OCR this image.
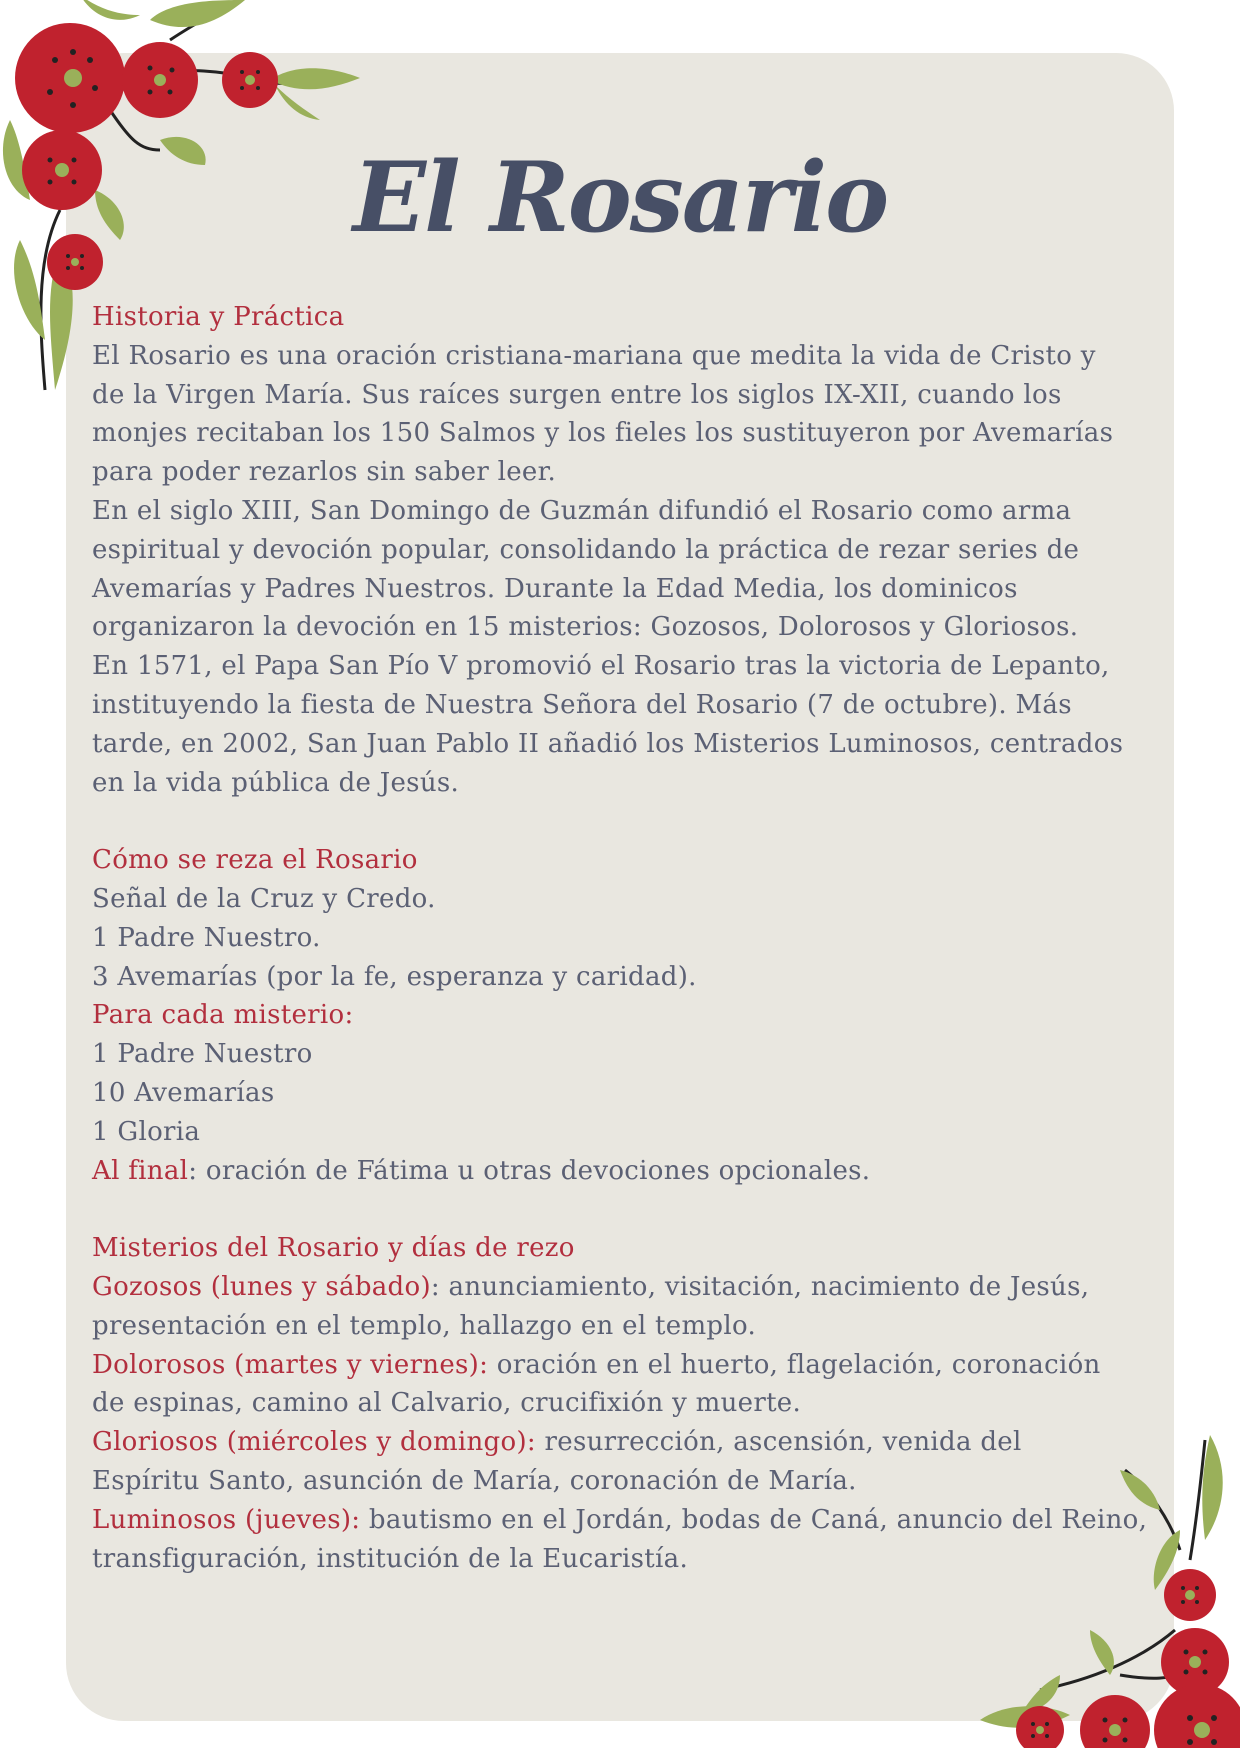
El Rosario

Historia y Práctica

El Rosario es una oración cristiana-mariana que medita la vida de Cristo y

de la Virgen María. Sus raíces surgen entre los siglos IX-XII, cuando los

monjes recitaban los 150 Salmos y los fieles los sustituyeron por Avemarías

para poder rezarlos sin saber leer.

En el siglo XIII, San Domingo de Guzmán difundió el Rosario como arma

espiritual y devoción popular, consolidando la práctica de rezar series de

Avemarías y Padres Nuestros. Durante la Edad Media, los dominicos

organizaron la devoción en 15 misterios: Gozosos, Dolorosos y Gloriosos.

En 1571, el Papa San Pío V promovió el Rosario tras la victoria de Lepanto,

instituyendo la fiesta de Nuestra Señora del Rosario (7 de octubre). Más

tarde, en 2002, San Juan Pablo II añadió los Misterios Luminosos, centrados

en la vida pública de Jesús.

Cómo se reza el Rosario

Señal de la Cruz y Credo.

1 Padre Nuestro.

3 Avemarías (por la fe, esperanza y caridad).

Para cada misterio:

1 Padre Nuestro

10 Avemarías

1 Gloria

Al final: oración de Fátima u otras devociones opcionales.

Misterios del Rosario y días de rezo

Gozosos (lunes y sábado): anunciamiento, visitación, nacimiento de Jesús,

presentación en el templo, hallazgo en el templo.

Dolorosos (martes y viernes): oración en el huerto, flagelación, coronación

de espinas, camino al Calvario, crucifixión y muerte.

Gloriosos (miércoles y domingo): resurrección, ascensión, venida del

Espíritu Santo, asunción de María, coronación de María.

Luminosos (jueves): bautismo en el Jordán, bodas de Caná, anuncio del Reino,

transfiguración, institución de la Eucaristía.
